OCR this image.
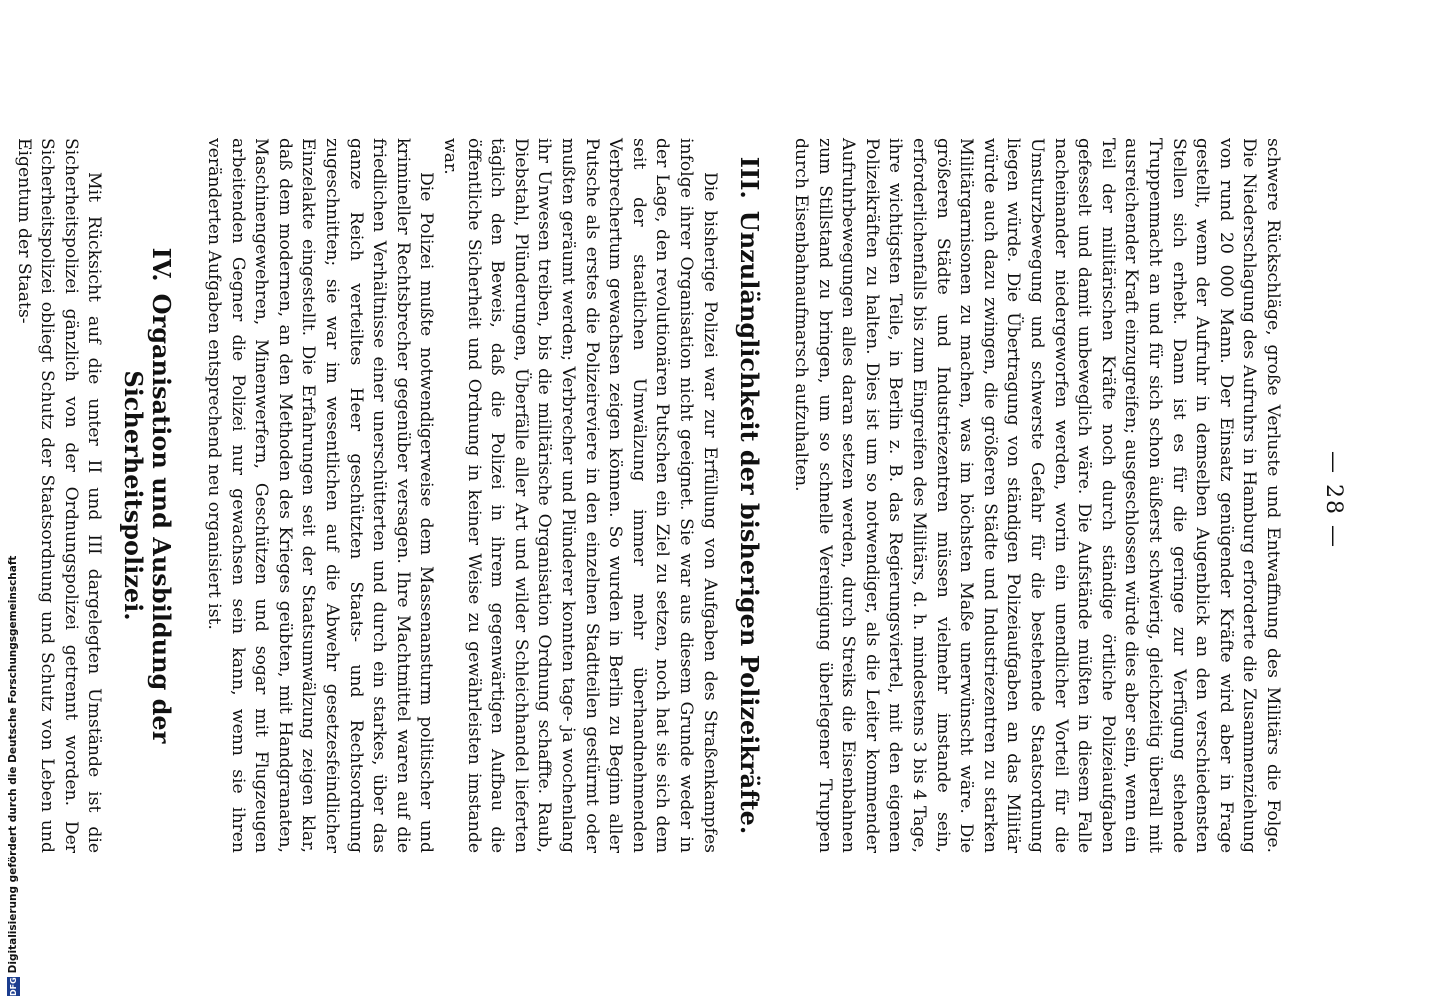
— 28 —

schwere Rückschläge, große Verluste und Entwaffnung des Militärs die Folge. Die Niederschlagung des Aufruhrs in Hamburg erforderte die Zusammenziehung von rund 20 000 Mann. Der Einsatz genügender Kräfte wird aber in Frage gestellt, wenn der Aufruhr in demselben Augenblick an den verschiedensten Stellen sich erhebt. Dann ist es für die geringe zur Verfügung stehende Truppenmacht an und für sich schon äußerst schwierig, gleichzeitig überall mit ausreichender Kraft einzugreifen; ausgeschlossen würde dies aber sein, wenn ein Teil der militärischen Kräfte noch durch ständige örtliche Polizeiaufgaben gefesselt und damit unbeweglich wäre. Die Aufstände müßten in diesem Falle nacheinander niedergeworfen werden, worin ein unendlicher Vorteil für die Umsturzbewegung und schwerste Gefahr für die bestehende Staatsordnung liegen würde. Die Übertragung von ständigen Polizeiaufgaben an das Militär würde auch dazu zwingen, die größeren Städte und Industriezentren zu starken Militärgarnisonen zu machen, was im höchsten Maße unerwünscht wäre. Die größeren Städte und Industriezentren müssen vielmehr imstande sein, erforderlichenfalls bis zum Eingreifen des Militärs, d. h. mindestens 3 bis 4 Tage, ihre wichtigsten Teile, in Berlin z. B. das Regierungsviertel, mit den eigenen Polizeikräften zu halten. Dies ist um so notwendiger, als die Leiter kommender Aufruhrbewegungen alles daran setzen werden, durch Streiks die Eisenbahnen zum Stillstand zu bringen, um so schnelle Vereinigung überlegener Truppen durch Eisenbahnaufmarsch aufzuhalten.

III.Unzulänglichkeit der bisherigen Polizeikräfte.

Die bisherige Polizei war zur Erfüllung von Aufgaben des Straßenkampfes infolge ihrer Organisation nicht geeignet. Sie war aus diesem Grunde weder in der Lage, den revolutionären Putschen ein Ziel zu setzen, noch hat sie sich dem seit der staatlichen Umwälzung immer mehr überhandnehmenden Verbrechertum gewachsen zeigen können. So wurden in Berlin zu Beginn aller Putsche als erstes die Polizeireviere in den einzelnen Stadtteilen gestürmt oder mußten geräumt werden; Verbrecher und Plünderer konnten tage- ja wochenlang ihr Unwesen treiben, bis die militärische Organisation Ordnung schaffte. Raub, Diebstahl, Plünderungen, Überfälle aller Art und wilder Schleichhandel lieferten täglich den Beweis, daß die Polizei in ihrem gegenwärtigen Aufbau die öffentliche Sicherheit und Ordnung in keiner Weise zu gewährleisten imstande war.

Die Polizei mußte notwendigerweise dem Massenansturm politischer und krimineller Rechtsbrecher gegenüber versagen. Ihre Machtmittel waren auf die friedlichen Verhältnisse einer unerschütterten und durch ein starkes, über das ganze Reich verteiltes Heer geschützten Staats- und Rechtsordnung zugeschnitten; sie war im wesentlichen auf die Abwehr gesetzesfeindlicher Einzelakte eingestellt. Die Erfahrungen seit der Staatsumwälzung zeigen klar, daß dem modernen, an den Methoden des Krieges geübten, mit Handgranaten, Maschinengewehren, Minenwerfern, Geschützen und sogar mit Flugzeugen arbeitenden Gegner die Polizei nur gewachsen sein kann, wenn sie ihren veränderten Aufgaben entsprechend neu organisiert ist.

IV.Organisation und Ausbildung der Sicherheitspolizei.

Mit Rücksicht auf die unter II und III dargelegten Umstände ist die Sicherheitspolizei gänzlich von der Ordnungspolizei getrennt worden. Der Sicherheitspolizei obliegt Schutz der Staatsordnung und Schutz von Leben und Eigentum der Staats-

DFG
Digitalisierung gefördert durch die Deutsche Forschungsgemeinschaft
